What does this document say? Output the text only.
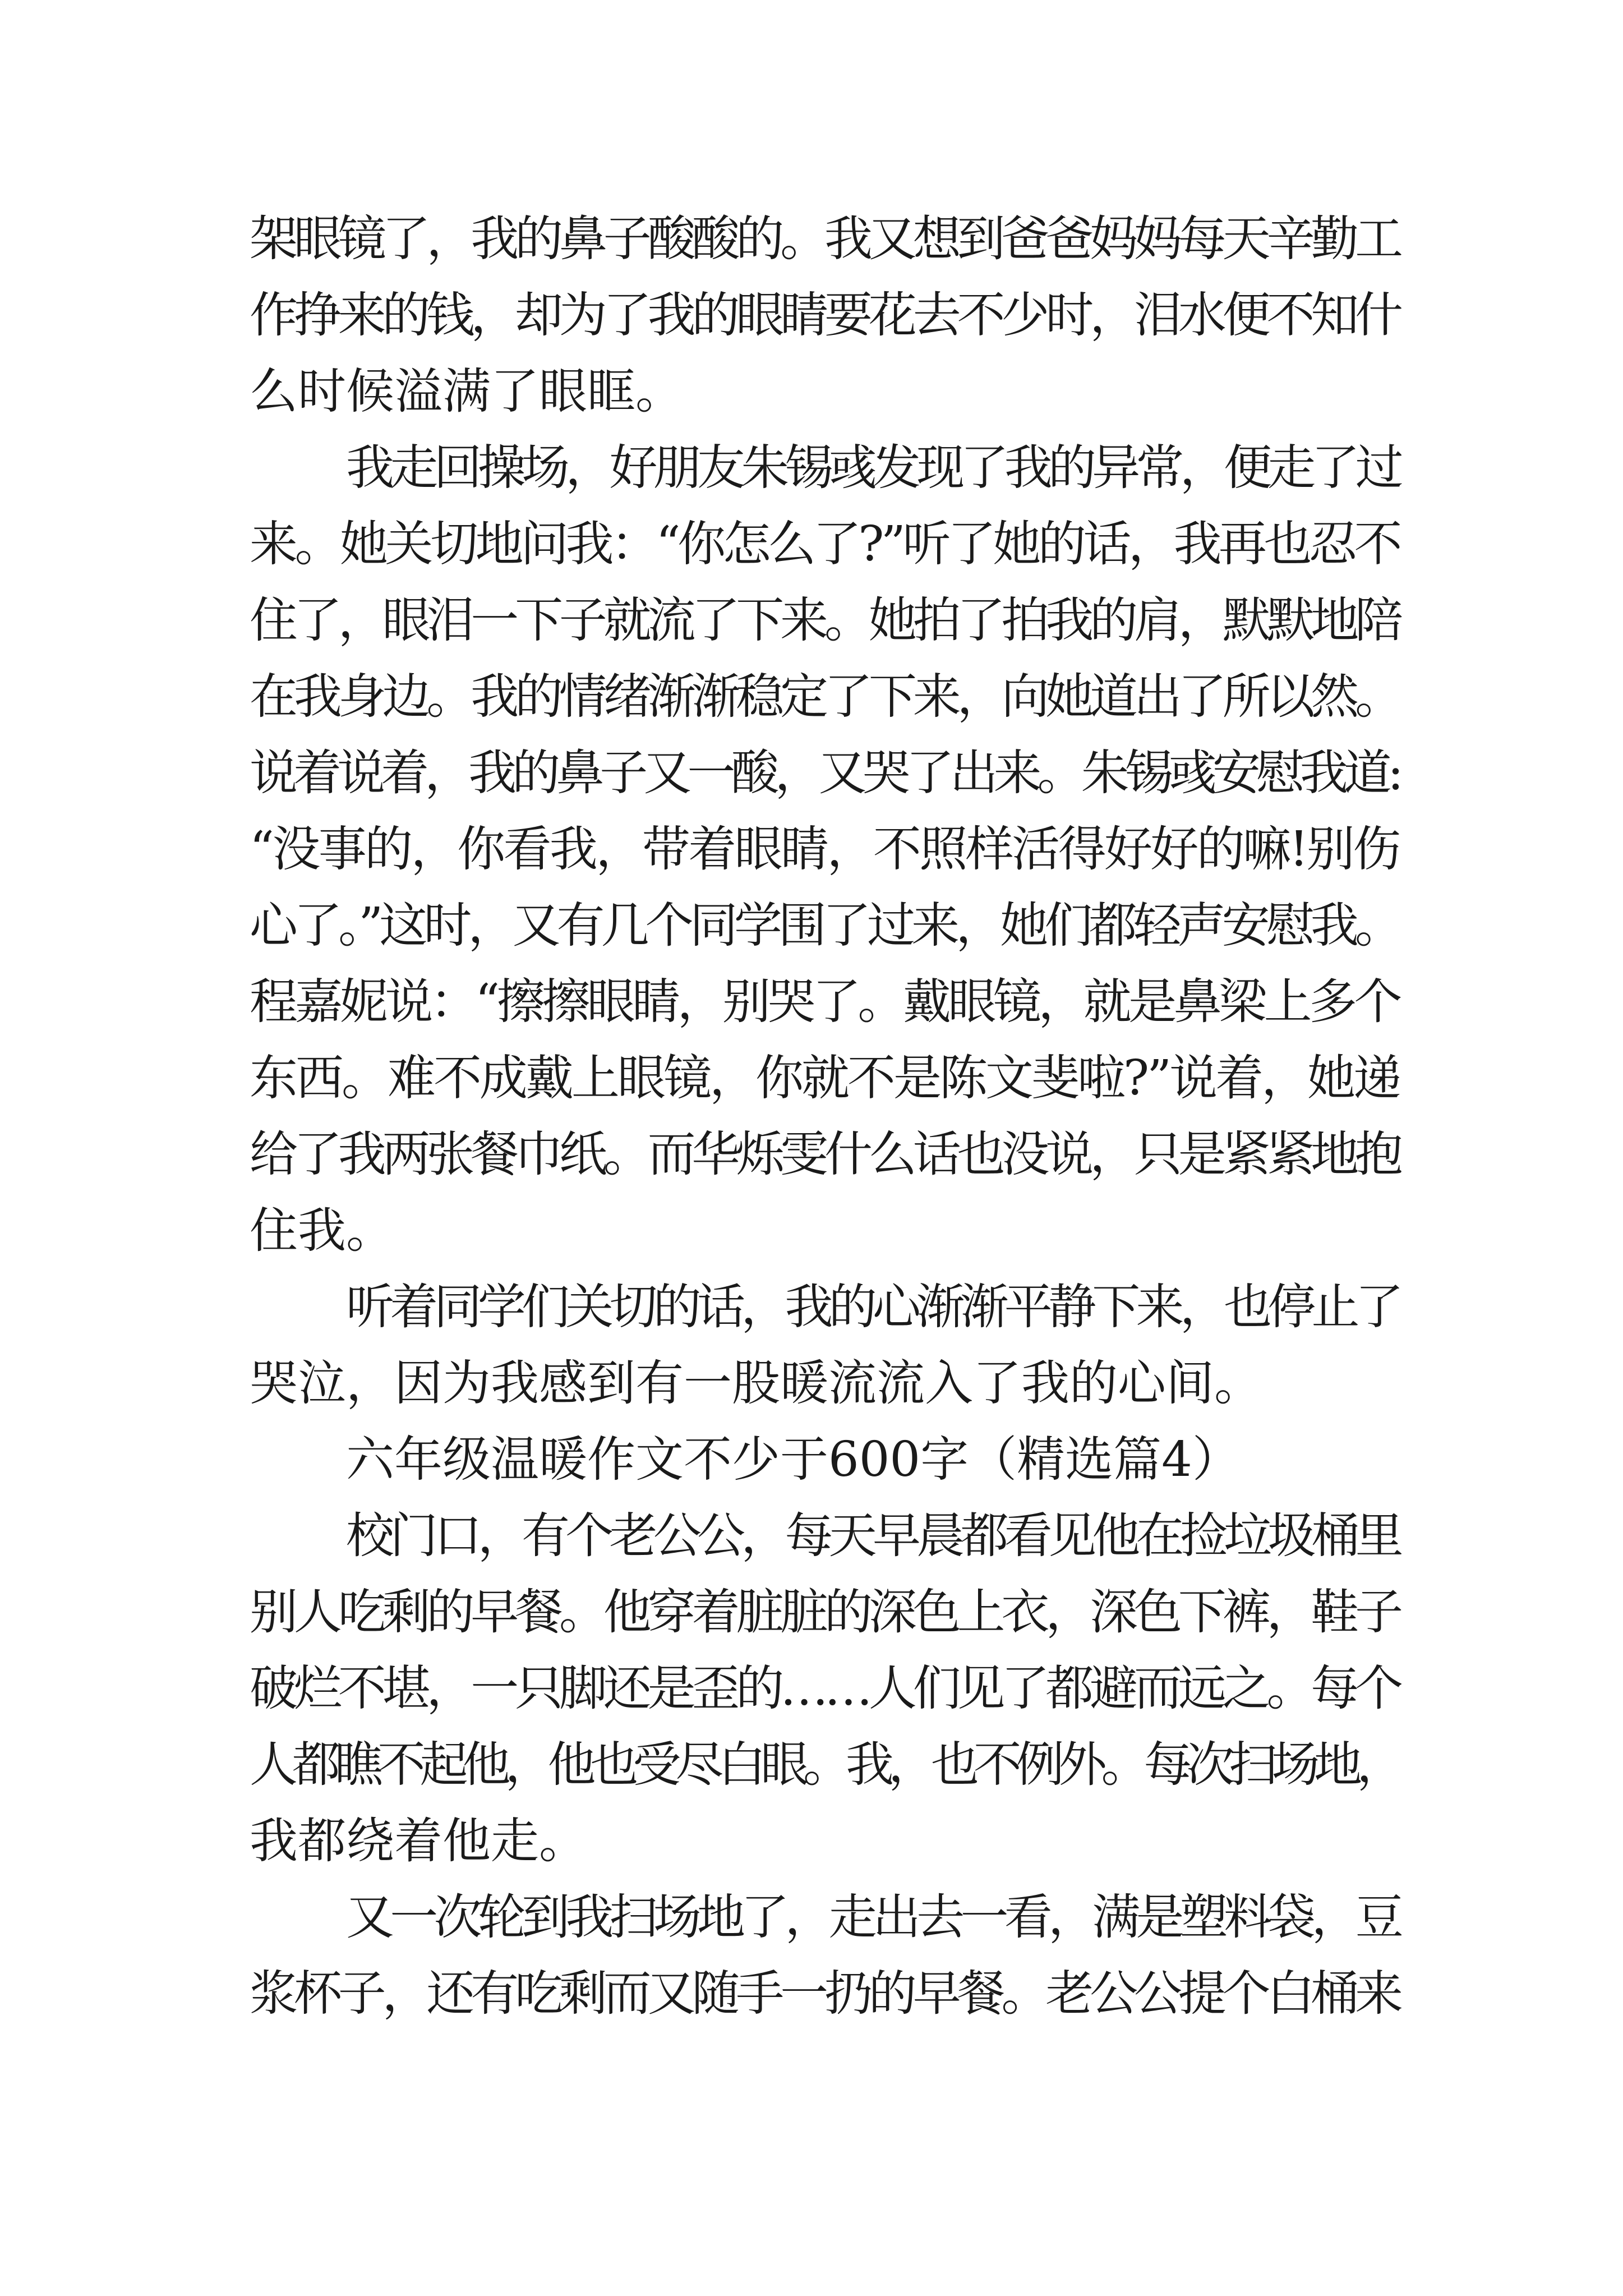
架眼镜了，我的鼻子酸酸的。我又想到爸爸妈妈每天辛勤工
作挣来的钱，却为了我的眼睛要花去不少时，泪水便不知什
么时候溢满了眼眶。
我走回操场，好朋友朱锡彧发现了我的异常，便走了过
来。她关切地问我：“你怎么了?”听了她的话，我再也忍不
住了，眼泪一下子就流了下来。她拍了拍我的肩，默默地陪
在我身边。我的情绪渐渐稳定了下来，向她道出了所以然。
说着说着，我的鼻子又一酸，又哭了出来。朱锡彧安慰我道:
“没事的，你看我，带着眼睛，不照样活得好好的嘛!别伤
心了。”这时，又有几个同学围了过来，她们都轻声安慰我。
程嘉妮说：“擦擦眼睛，别哭了。戴眼镜，就是鼻梁上多个
东西。难不成戴上眼镜，你就不是陈文斐啦?”说着，她递
给了我两张餐巾纸。而华烁雯什么话也没说，只是紧紧地抱
住我。
听着同学们关切的话，我的心渐渐平静下来，也停止了
哭泣，因为我感到有一股暖流流入了我的心间。
六年级温暖作文不少于600字（精选篇4）
校门口，有个老公公，每天早晨都看见他在捡垃圾桶里
别人吃剩的早餐。他穿着脏脏的深色上衣，深色下裤，鞋子
破烂不堪，一只脚还是歪的……人们见了都避而远之。每个
人都瞧不起他，他也受尽白眼。我，也不例外。每次扫场地，
我都绕着他走。
又一次轮到我扫场地了，走出去一看，满是塑料袋，豆
浆杯子，还有吃剩而又随手一扔的早餐。老公公提个白桶来
